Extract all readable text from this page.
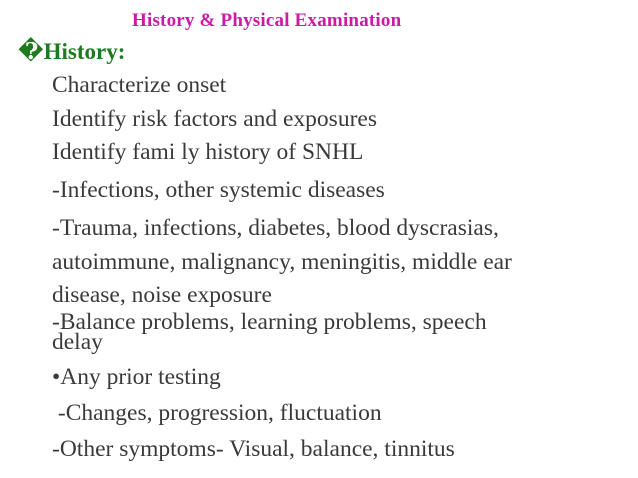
History & Physical Examination
�History:
Characterize onset
Identify risk factors and exposures
Identify fami ly history of SNHL
-Infections, other systemic diseases
-Trauma, infections, diabetes, blood dyscrasias,
autoimmune, malignancy, meningitis, middle ear
disease, noise exposure
-Balance problems, learning problems, speech
delay
•Any prior testing
-Changes, progression, fluctuation
-Other symptoms- Visual, balance, tinnitus
